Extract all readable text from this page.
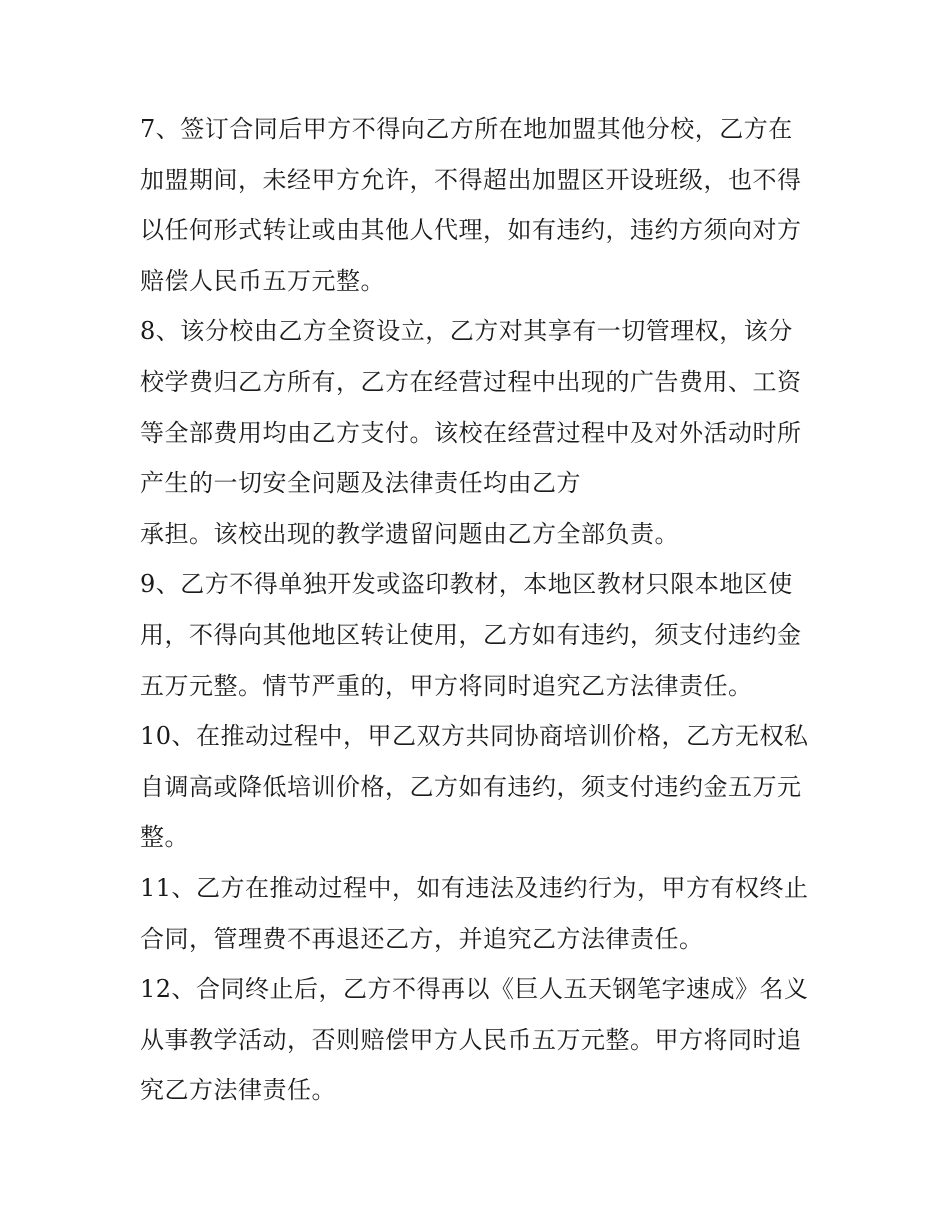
7、签订合同后甲方不得向乙方所在地加盟其他分校，乙方在
加盟期间，未经甲方允许，不得超出加盟区开设班级，也不得
以任何形式转让或由其他人代理，如有违约，违约方须向对方
赔偿人民币五万元整。
8、该分校由乙方全资设立，乙方对其享有一切管理权，该分
校学费归乙方所有，乙方在经营过程中出现的广告费用、工资
等全部费用均由乙方支付。该校在经营过程中及对外活动时所
产生的一切安全问题及法律责任均由乙方
承担。该校出现的教学遗留问题由乙方全部负责。
9、乙方不得单独开发或盗印教材，本地区教材只限本地区使
用，不得向其他地区转让使用，乙方如有违约，须支付违约金
五万元整。情节严重的，甲方将同时追究乙方法律责任。
10、在推动过程中，甲乙双方共同协商培训价格，乙方无权私
自调高或降低培训价格，乙方如有违约，须支付违约金五万元
整。
11、乙方在推动过程中，如有违法及违约行为，甲方有权终止
合同，管理费不再退还乙方，并追究乙方法律责任。
12、合同终止后，乙方不得再以《巨人五天钢笔字速成》名义
从事教学活动，否则赔偿甲方人民币五万元整。甲方将同时追
究乙方法律责任。
